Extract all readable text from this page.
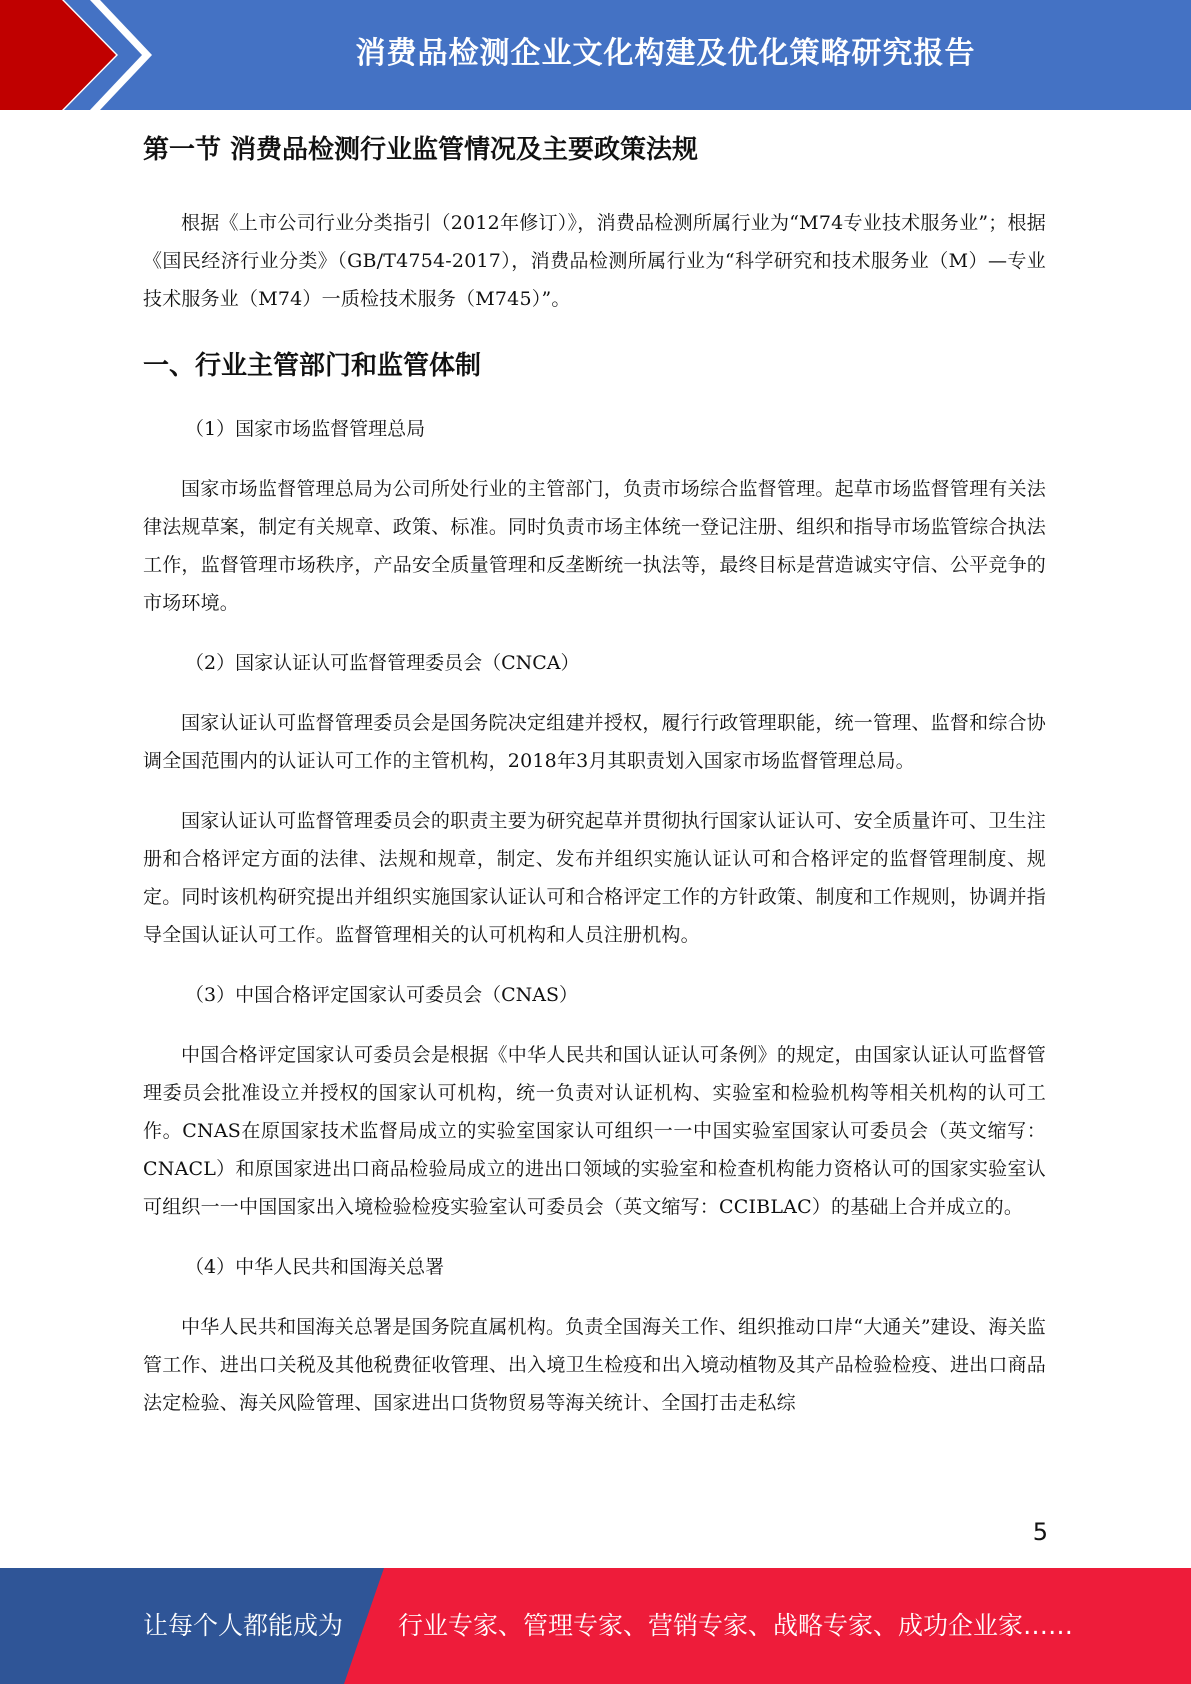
消费品检测企业文化构建及优化策略研究报告
第一节 消费品检测行业监管情况及主要政策法规

根据《上市公司行业分类指引（2012年修订）》，消费品检测所属行业为“M74专业技术服务业”；根据《国民经济行业分类》（GB/T4754-2017），消费品检测所属行业为“科学研究和技术服务业（M）—专业技术服务业（M74）一质检技术服务（M745）”。

一、行业主管部门和监管体制

（1）国家市场监督管理总局

国家市场监督管理总局为公司所处行业的主管部门，负责市场综合监督管理。起草市场监督管理有关法律法规草案，制定有关规章、政策、标准。同时负责市场主体统一登记注册、组织和指导市场监管综合执法工作，监督管理市场秩序，产品安全质量管理和反垄断统一执法等，最终目标是营造诚实守信、公平竞争的市场环境。

（2）国家认证认可监督管理委员会（CNCA）

国家认证认可监督管理委员会是国务院决定组建并授权，履行行政管理职能，统一管理、监督和综合协调全国范围内的认证认可工作的主管机构，2018年3月其职责划入国家市场监督管理总局。

国家认证认可监督管理委员会的职责主要为研究起草并贯彻执行国家认证认可、安全质量许可、卫生注册和合格评定方面的法律、法规和规章，制定、发布并组织实施认证认可和合格评定的监督管理制度、规定。同时该机构研究提出并组织实施国家认证认可和合格评定工作的方针政策、制度和工作规则，协调并指导全国认证认可工作。监督管理相关的认可机构和人员注册机构。

（3）中国合格评定国家认可委员会（CNAS）

中国合格评定国家认可委员会是根据《中华人民共和国认证认可条例》的规定，由国家认证认可监督管理委员会批准设立并授权的国家认可机构，统一负责对认证机构、实验室和检验机构等相关机构的认可工作。CNAS在原国家技术监督局成立的实验室国家认可组织一一中国实验室国家认可委员会（英文缩写：CNACL）和原国家进出口商品检验局成立的进出口领域的实验室和检查机构能力资格认可的国家实验室认可组织一一中国国家出入境检验检疫实验室认可委员会（英文缩写：CCIBLAC）的基础上合并成立的。

（4）中华人民共和国海关总署

中华人民共和国海关总署是国务院直属机构。负责全国海关工作、组织推动口岸“大通关”建设、海关监管工作、进出口关税及其他税费征收管理、出入境卫生检疫和出入境动植物及其产品检验检疫、进出口商品法定检验、海关风险管理、国家进出口货物贸易等海关统计、全国打击走私综

5
让每个人都能成为 行业专家、管理专家、营销专家、战略专家、成功企业家……
